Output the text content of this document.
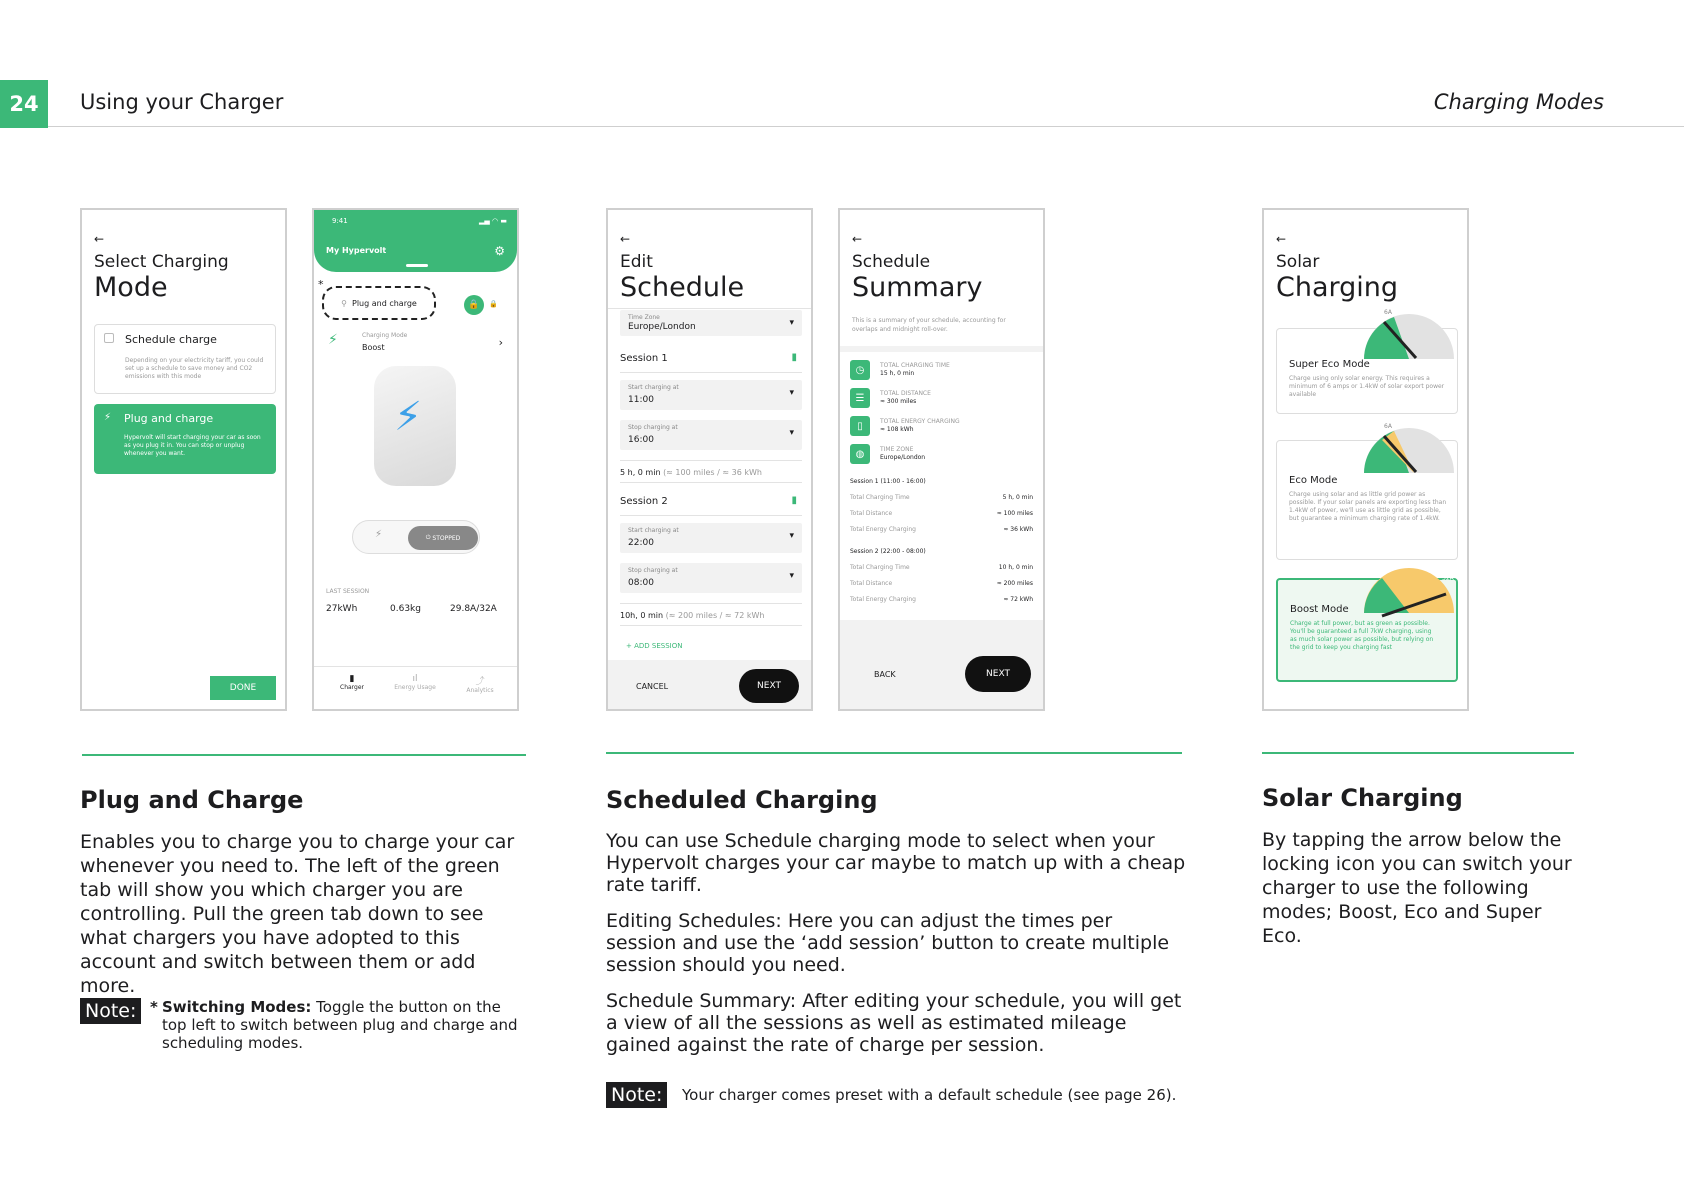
24	Using your Charger	Charging Modes
←
Select Charging
Mode
Schedule charge
Depending on your electricity tariff, you could set up a schedule to save money and CO2 emissions with this mode
⚡ Plug and charge
Hypervolt will start charging your car as soon as you plug it in. You can stop or unplug whenever you want.
DONE
9:41	▂▄ ◠ ▬
My Hypervolt	⚙
*
⚲ Plug and charge	🔒	🔒
⚡	Charging Mode
Boost	›
⚡
⚡	⏻ STOPPED
LAST SESSION
27kWh	0.63kg	29.8A/32A
▮
Charger
ıl
Energy Usage
⤴
Analytics
←
Edit
Schedule
Time Zone
Europe/London	▾
Session 1	▮
Start charging at
11:00
▾
Stop charging at
16:00
▾
5 h, 0 min (≈ 100 miles / ≈ 36 kWh
Session 2	▮
Start charging at
22:00
▾
Stop charging at
08:00
▾
10h, 0 min (≈ 200 miles / ≈ 72 kWh
+ ADD SESSION
CANCEL	NEXT
←
Schedule
Summary
This is a summary of your schedule, accounting for overlaps and midnight roll-over.
◷	TOTAL CHARGING TIME
15 h, 0 min
☰	TOTAL DISTANCE
≈ 300 miles
▯	TOTAL ENERGY CHARGING
≈ 108 kWh
◍	TIME ZONE
Europe/London
Session 1 (11:00 - 16:00)
Total Charging Time	5 h, 0 min
Total Distance	≈ 100 miles
Total Energy Charging	≈ 36 kWh
Session 2 (22:00 - 08:00)
Total Charging Time	10 h, 0 min
Total Distance	≈ 200 miles
Total Energy Charging	≈ 72 kWh
BACK	NEXT
←
Solar
Charging
Super Eco Mode
Charge using only solar energy. This requires a minimum of 6 amps or 1.4kW of solar export power available
6A
Eco Mode
Charge using solar and as little grid power as possible. If your solar panels are exporting less than 1.4kW of power, we'll use as little grid as possible, but guarantee a minimum charging rate of 1.4kW.
6A
Boost Mode
Charge at full power, but as green as possible. You'll be guaranteed a full 7kW charging, using as much solar power as possible, but relying on the grid to keep you charging fast
32A
Plug and Charge
Enables you to charge you to charge your car whenever you need to. The left of the green tab will show you which charger you are controlling. Pull the green tab down to see what chargers you have adopted to this account and switch between them or add more.
Note: * Switching Modes: Toggle the button on the top left to switch between plug and charge and scheduling modes.
Scheduled Charging
You can use Schedule charging mode to select when your Hypervolt charges your car maybe to match up with a cheap rate tariff.
Editing Schedules: Here you can adjust the times per session and use the ‘add session’ button to create multiple session should you need.
Schedule Summary: After editing your schedule, you will get a view of all the sessions as well as estimated mileage gained against the rate of charge per session.
Note:	Your charger comes preset with a default schedule (see page 26).
Solar Charging
By tapping the arrow below the locking icon you can switch your charger to use the following modes; Boost, Eco and Super Eco.
